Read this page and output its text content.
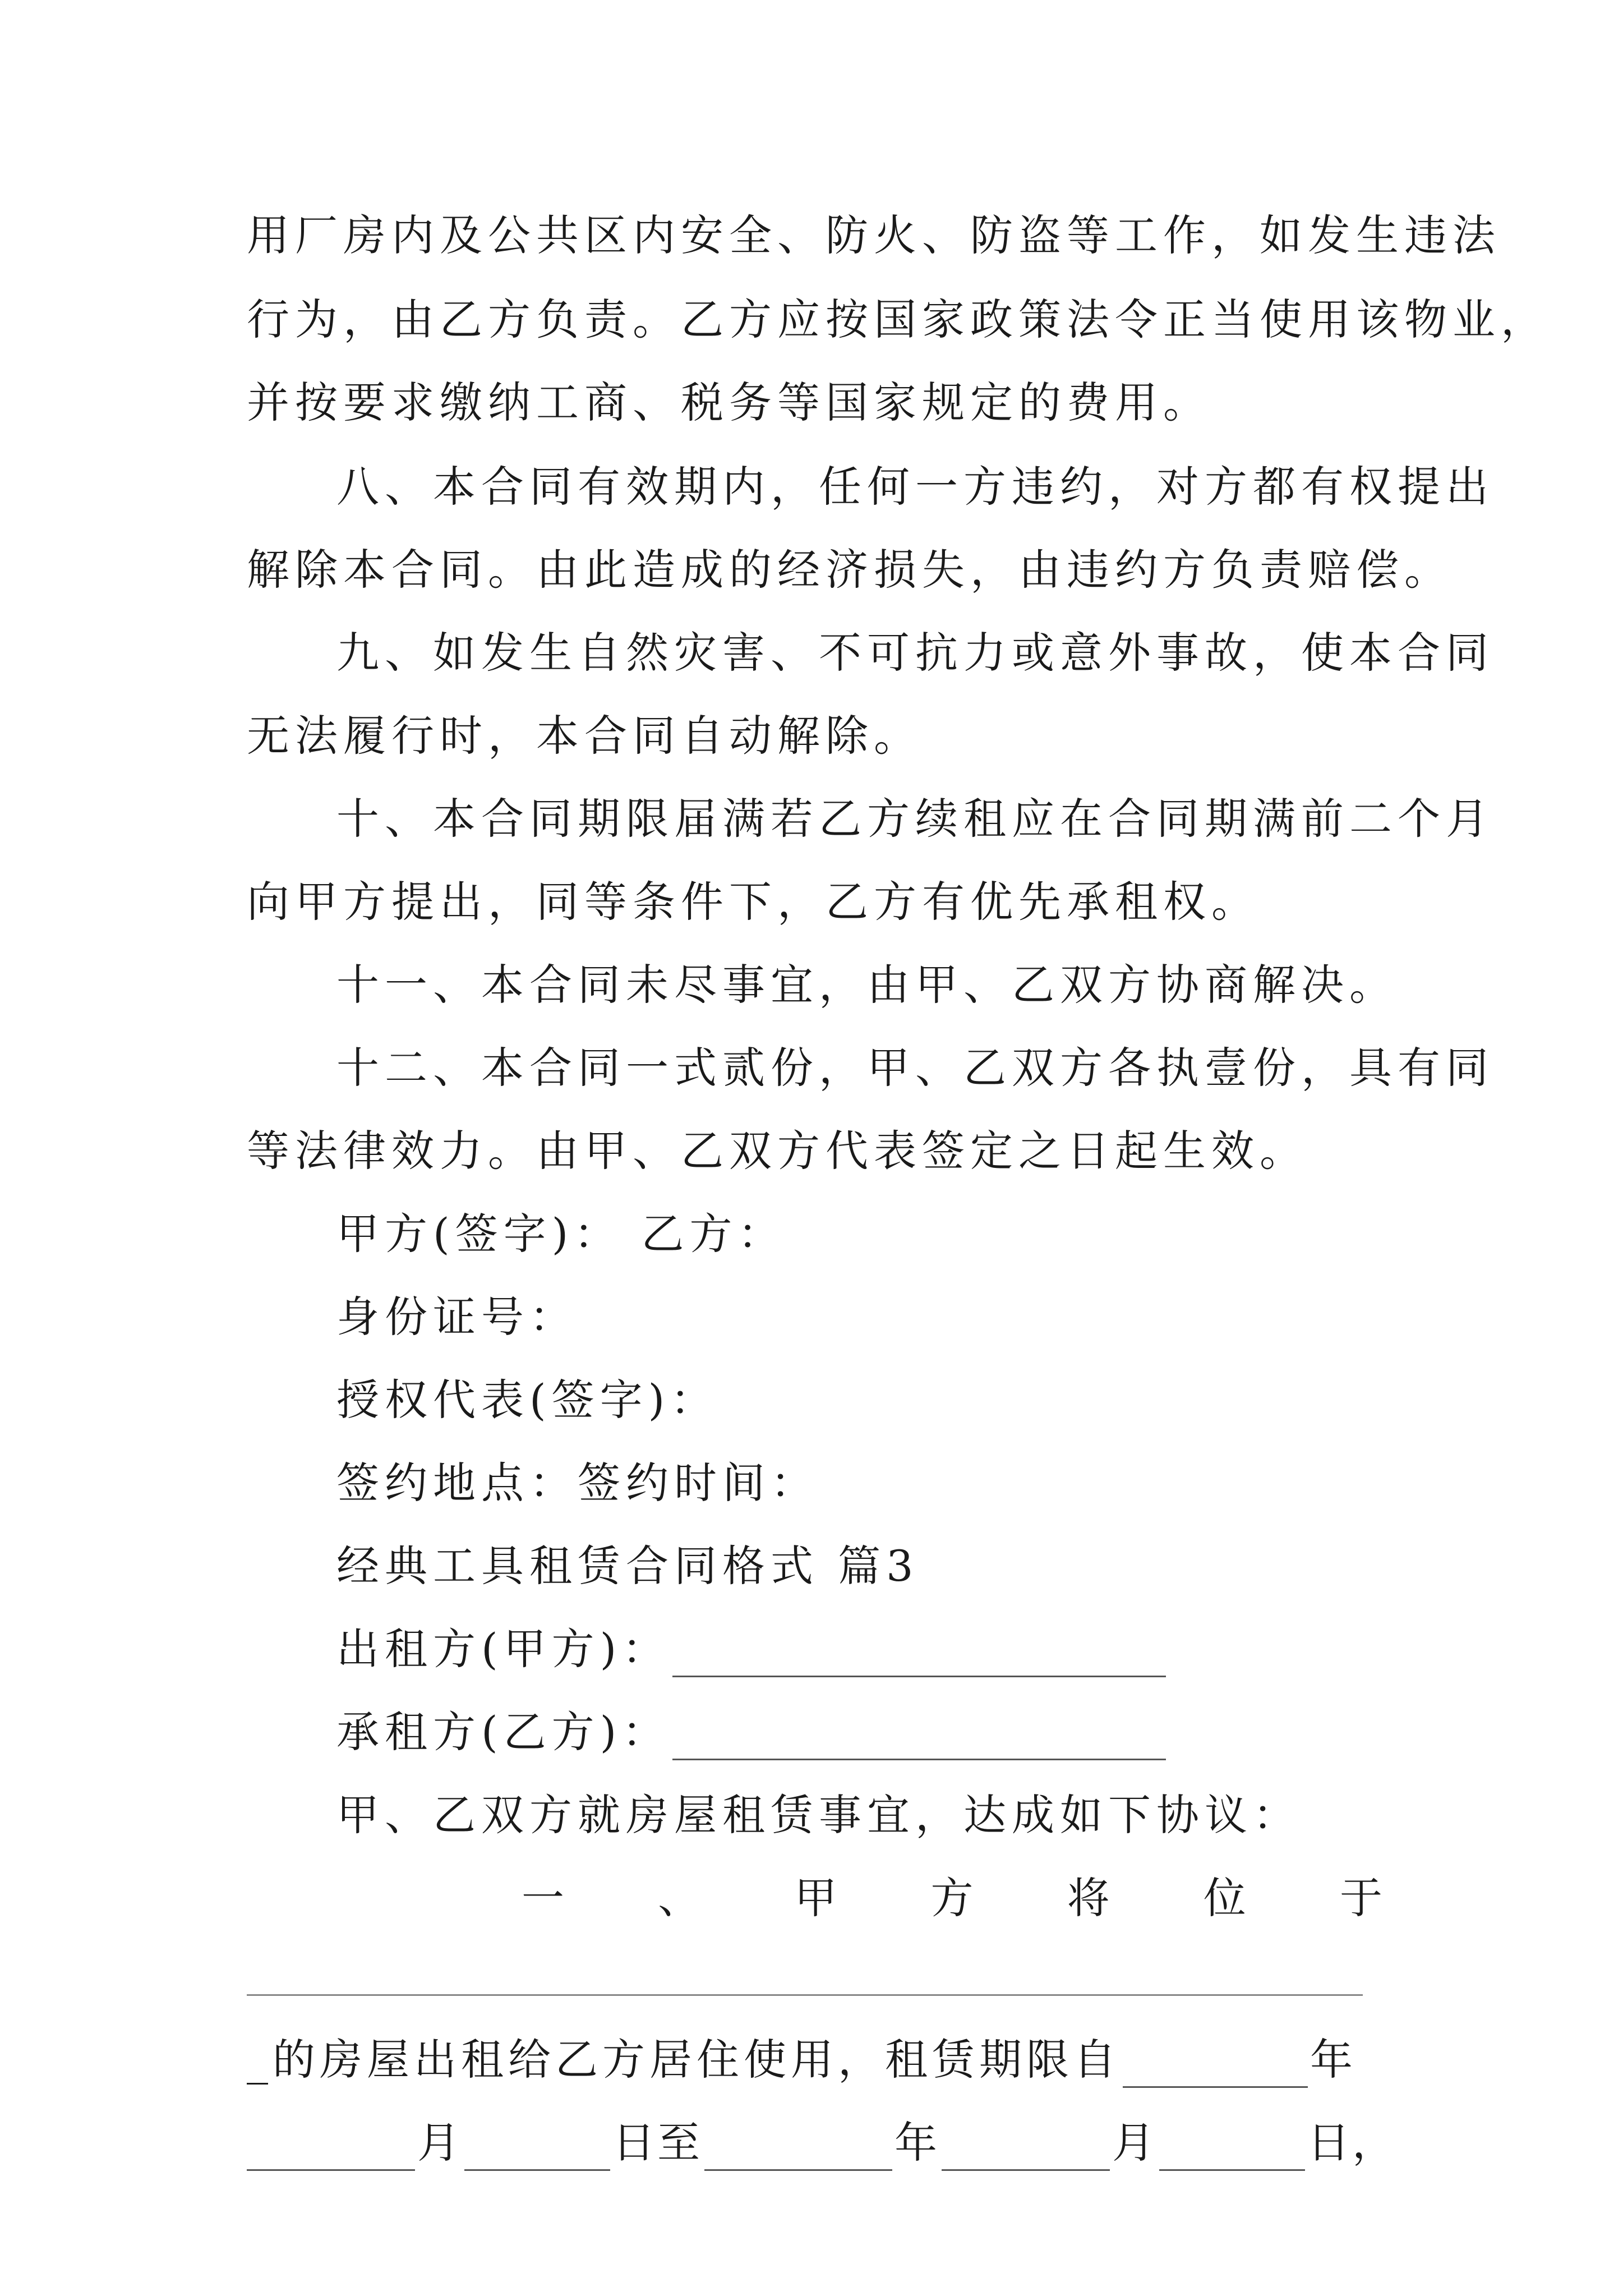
用厂房内及公共区内安全、防火、防盗等工作，如发生违法
行为，由乙方负责。乙方应按国家政策法令正当使用该物业，
并按要求缴纳工商、税务等国家规定的费用。
八、本合同有效期内，任何一方违约，对方都有权提出
解除本合同。由此造成的经济损失，由违约方负责赔偿。
九、如发生自然灾害、不可抗力或意外事故，使本合同
无法履行时，本合同自动解除。
十、本合同期限届满若乙方续租应在合同期满前二个月
向甲方提出，同等条件下，乙方有优先承租权。
十一、本合同未尽事宜，由甲、乙双方协商解决。
十二、本合同一式贰份，甲、乙双方各执壹份，具有同
等法律效力。由甲、乙双方代表签定之日起生效。
甲方(签字)： 乙方：
身份证号：
授权代表(签字)：
签约地点：签约时间：
经典工具租赁合同格式 篇3
出租方(甲方)：
承租方(乙方)：
甲、乙双方就房屋租赁事宜，达成如下协议：
一 、 甲 方 将 位 于
_的房屋出租给乙方居住使用，租赁期限自	年
月	日至	年	月	日，
